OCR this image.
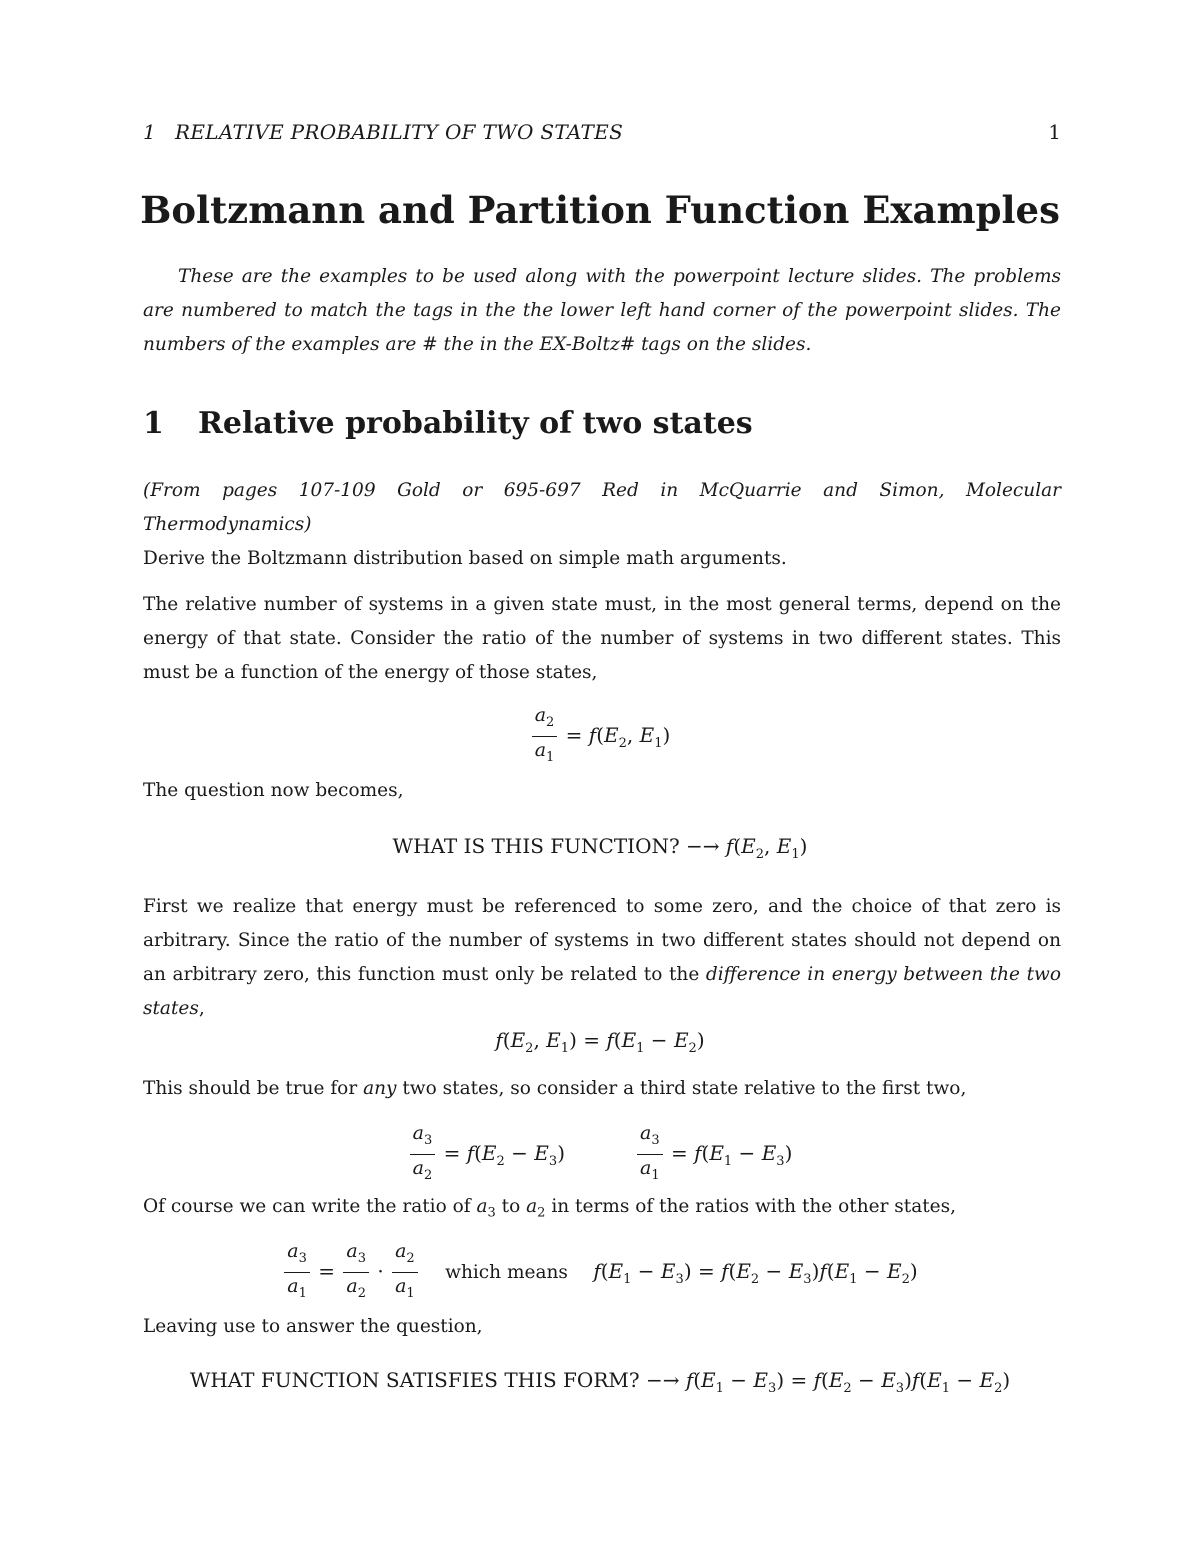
1 RELATIVE PROBABILITY OF TWO STATES	1
Boltzmann and Partition Function Examples

These are the examples to be used along with the powerpoint lecture slides. The problems are numbered to match the tags in the the lower left hand corner of the powerpoint slides. The numbers of the examples are # the in the EX-Boltz# tags on the slides.

1 Relative probability of two states

(From pages 107-109 Gold or 695-697 Red in McQuarrie and Simon, Molecular Thermodynamics)

Derive the Boltzmann distribution based on simple math arguments.

The relative number of systems in a given state must, in the most general terms, depend on the energy of that state. Consider the ratio of the number of systems in two different states. This must be a function of the energy of those states,

$\frac{a_2}{a_1} = f(E_2$, $E_1$)

The question now becomes,

WHAT IS THIS FUNCTION? −→ $f(E_2$, $E_1$)

First we realize that energy must be referenced to some zero, and the choice of that zero is arbitrary. Since the ratio of the number of systems in two different states should not depend on an arbitrary zero, this function must only be related to the difference in energy between the two states,

$f(E_2$, $E_1) = f(E_1 - E_2)$

This should be true for any two states, so consider a third state relative to the first two,

$\frac{a_3}{a_2} = f(E_2 - E_3)$	$\frac{a_3}{a_1} = f(E_1 - E_3)$

Of course we can write the ratio of $a_3$ to $a_2$ in terms of the ratios with the other states,

$\frac{a_3}{a_1} = \frac{a_3}{a_2} \cdot \frac{a_2}{a_1}$ which means $f(E_1 - E_3) = f(E_2 - E_3)f(E_1 - E_2)$

Leaving use to answer the question,

WHAT FUNCTION SATISFIES THIS FORM? −→ $f(E_1 - E_3) = f(E_2 - E_3)f(E_1 - E_2)$
